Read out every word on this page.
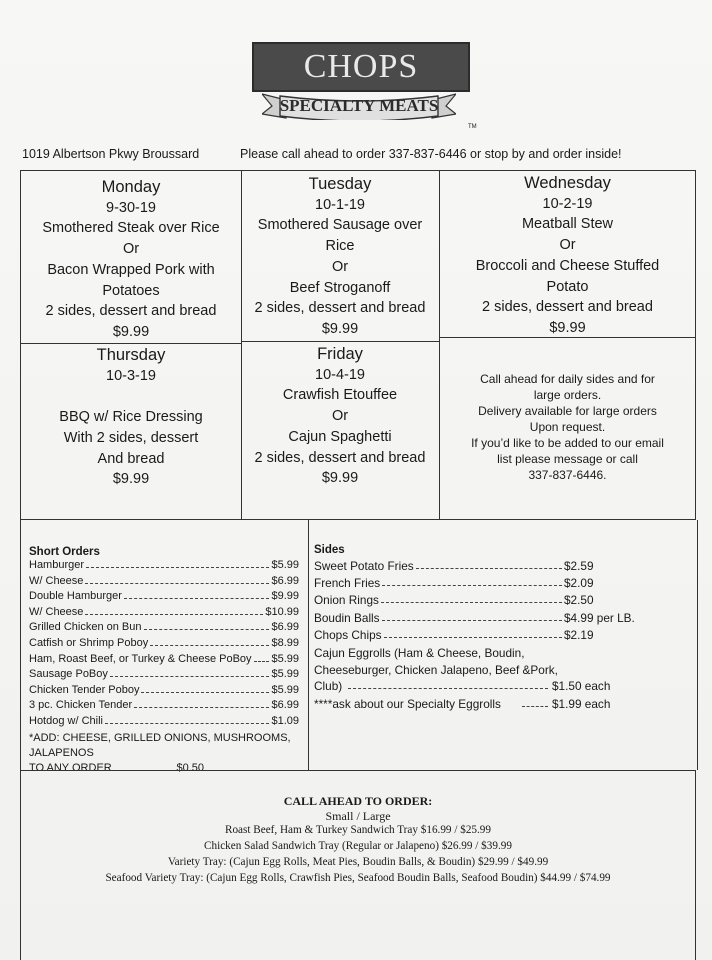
CHOPS
SPECIALTY MEATS
TM
1019 Albertson Pkwy Broussard	Please call ahead to order 337-837-6446 or stop by and order inside!
Monday
9-30-19
Smothered Steak over Rice
Or
Bacon Wrapped Pork with
Potatoes
2 sides, dessert and bread
$9.99
Tuesday
10-1-19
Smothered Sausage over
Rice
Or
Beef Stroganoff
2 sides, dessert and bread
$9.99
Wednesday
10-2-19
Meatball Stew
Or
Broccoli and Cheese Stuffed
Potato
2 sides, dessert and bread
$9.99
Thursday
10-3-19
BBQ w/ Rice Dressing
With 2 sides, dessert
And bread
$9.99
Friday
10-4-19
Crawfish Etouffee
Or
Cajun Spaghetti
2 sides, dessert and bread
$9.99
Call ahead for daily sides and for
large orders.
Delivery available for large orders
Upon request.
If you’d like to be added to our email
list please message or call
337-837-6446.
Short Orders
Hamburger	$5.99
W/ Cheese	$6.99
Double Hamburger	$9.99
W/ Cheese	$10.99
Grilled Chicken on Bun	$6.99
Catfish or Shrimp Poboy	$8.99
Ham, Roast Beef, or Turkey & Cheese PoBoy $5.99
Sausage PoBoy	$5.99
Chicken Tender Poboy	$5.99
3 pc. Chicken Tender	$6.99
Hotdog w/ Chili	$1.09
*ADD: CHEESE, GRILLED ONIONS, MUSHROOMS,
JALAPENOS
TO ANY ORDER	$0.50
Sides
Sweet Potato Fries	$2.59
French Fries	$2.09
Onion Rings	$2.50
Boudin Balls	$4.99 per LB.
Chops Chips	$2.19
Cajun Eggrolls (Ham & Cheese, Boudin,
Cheeseburger, Chicken Jalapeno, Beef &Pork,
Club)	$1.50 each
****ask about our Specialty Eggrolls	$1.99 each
CALL AHEAD TO ORDER:
Small / Large
Roast Beef, Ham & Turkey Sandwich Tray $16.99 / $25.99
Chicken Salad Sandwich Tray (Regular or Jalapeno) $26.99 / $39.99
Variety Tray: (Cajun Egg Rolls, Meat Pies, Boudin Balls, & Boudin) $29.99 / $49.99
Seafood Variety Tray: (Cajun Egg Rolls, Crawfish Pies, Seafood Boudin Balls, Seafood Boudin) $44.99 / $74.99
